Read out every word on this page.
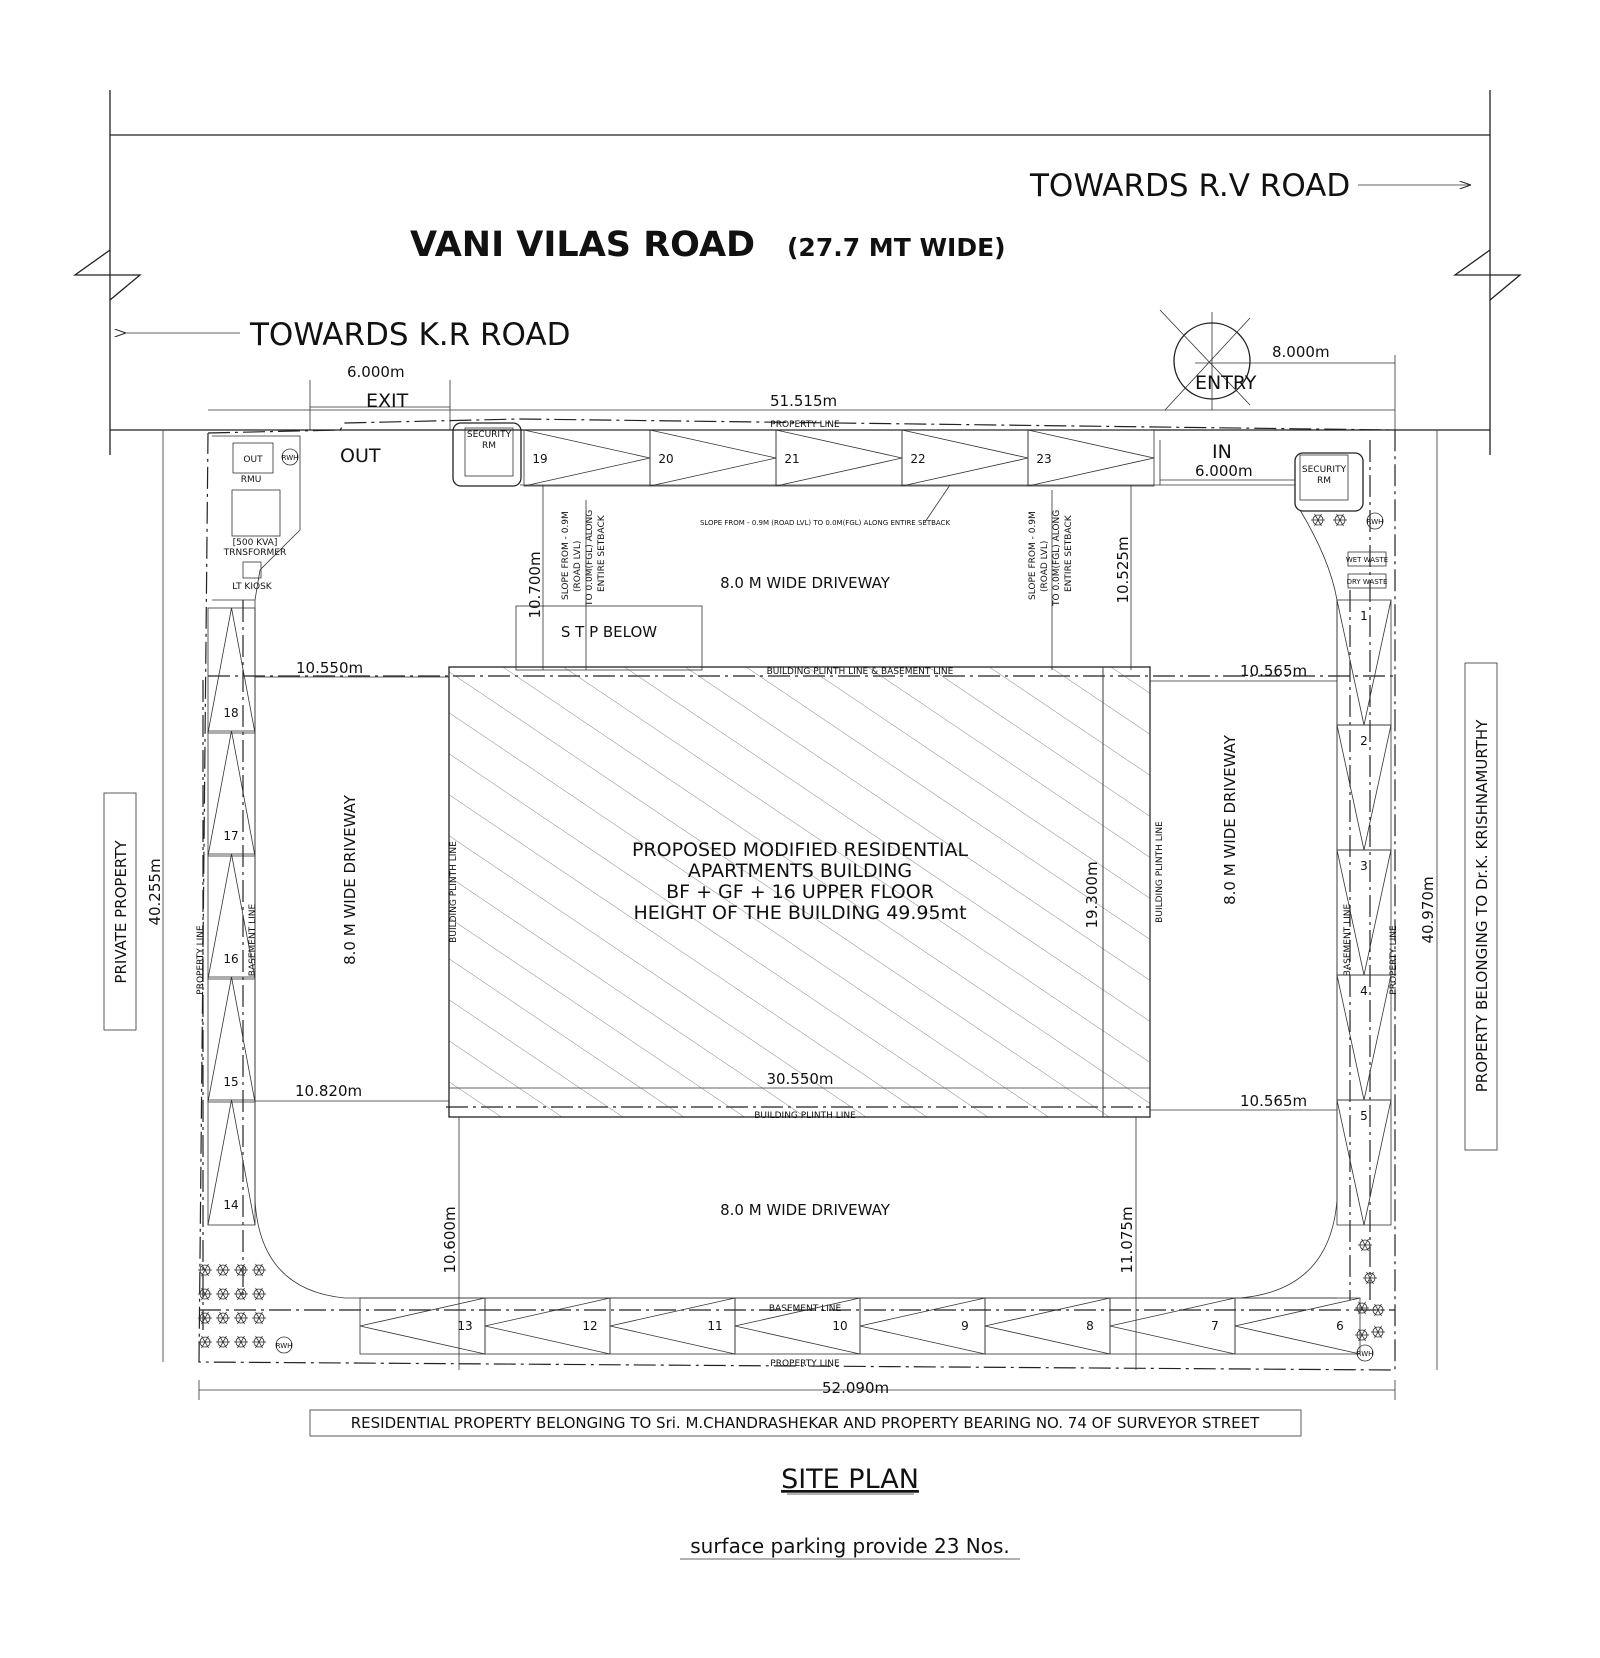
VANI VILAS ROAD (27.7 MT WIDE)
TOWARDS R.V ROAD
TOWARDS K.R ROAD
6.000m
EXIT	51.515m
8.000m
ENTRY
PROPOSED MODIFIED RESIDENTIAL
APARTMENTS BUILDING
BF + GF + 16 UPPER FLOOR
HEIGHT OF THE BUILDING 49.95mt
BUILDING PLINTH LINE & BASEMENT LINE
BUILDING PLINTH LINE
BUILDING PLINTH LINE	BUILDING PLINTH LINE
S T P BELOW
SECURITY
RM
SECURITY
RM
OUT	IN
6.000m
OUT
RMU
RWH
[500 KVA]
TRNSFORMER
LT KIOSK
RWH
RWH
RWH
WET WASTE
DRY WASTE
SLOPE FROM - 0.9M (ROAD LVL) TO 0.0M(FGL) ALONG ENTIRE SETBACK
SLOPE FROM - 0.9M (ROAD LVL) TO 0.0M(FGL) ALONG ENTIRE SETBACK	SLOPE FROM - 0.9M (ROAD LVL) TO 0.0M(FGL) ALONG ENTIRE SETBACK
10.700m	10.525m
10.550m	10.565m
10.820m
10.565m
30.550m
19.300m
10.600m	11.075m
8.0 M WIDE DRIVEWAY
8.0 M WIDE DRIVEWAY
8.0 M WIDE DRIVEWAY	8.0 M WIDE DRIVEWAY
PROPERTY LINE
PROPERTY LINE
BASEMENT LINE
PROPERTY LINE	BASEMENT LINE	BASEMENT LINE	PROPERTY LINE
52.090m
40.255m	40.970m
19	20	21	22	23
1
2
3
4
5
6
7
8
9
10
11
12
13
14
15
16
17
18
PRIVATE PROPERTY	PROPERTY BELONGING TO Dr.K. KRISHNAMURTHY
RESIDENTIAL PROPERTY BELONGING TO Sri. M.CHANDRASHEKAR AND PROPERTY BEARING NO. 74 OF SURVEYOR STREET
SITE PLAN
surface parking provide 23 Nos.
